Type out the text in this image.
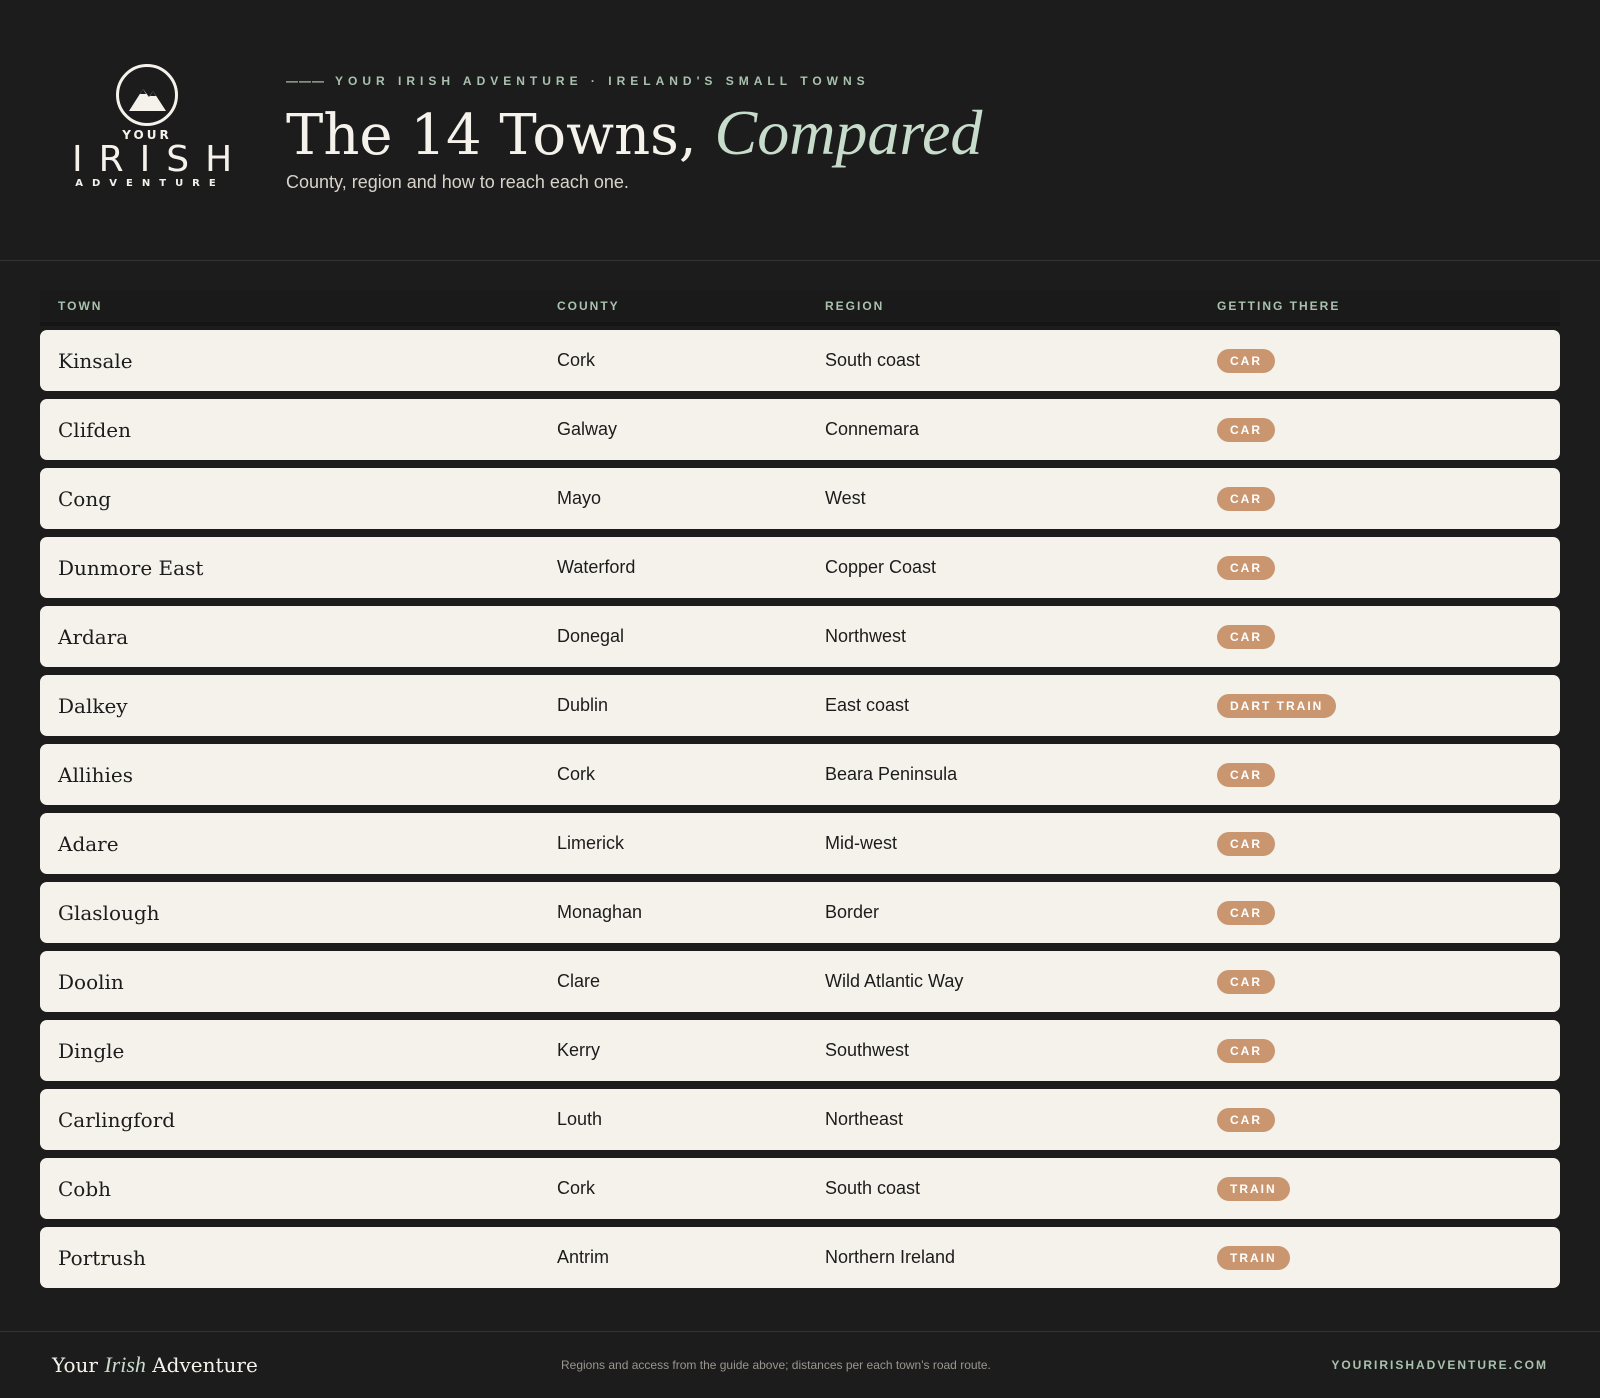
YOUR
IRISH
ADVENTURE
——— YOUR IRISH ADVENTURE · IRELAND'S SMALL TOWNS
The 14 Towns, Compared
County, region and how to reach each one.
TOWN	COUNTY	REGION	GETTING THERE
Kinsale	Cork	South coast	CAR
Clifden	Galway	Connemara	CAR
Cong	Mayo	West	CAR
Dunmore East	Waterford	Copper Coast	CAR
Ardara	Donegal	Northwest	CAR
Dalkey	Dublin	East coast	DART TRAIN
Allihies	Cork	Beara Peninsula	CAR
Adare	Limerick	Mid-west	CAR
Glaslough	Monaghan	Border	CAR
Doolin	Clare	Wild Atlantic Way	CAR
Dingle	Kerry	Southwest	CAR
Carlingford	Louth	Northeast	CAR
Cobh	Cork	South coast	TRAIN
Portrush	Antrim	Northern Ireland	TRAIN
Your Irish Adventure	Regions and access from the guide above; distances per each town's road route.	YOURIRISHADVENTURE.COM
